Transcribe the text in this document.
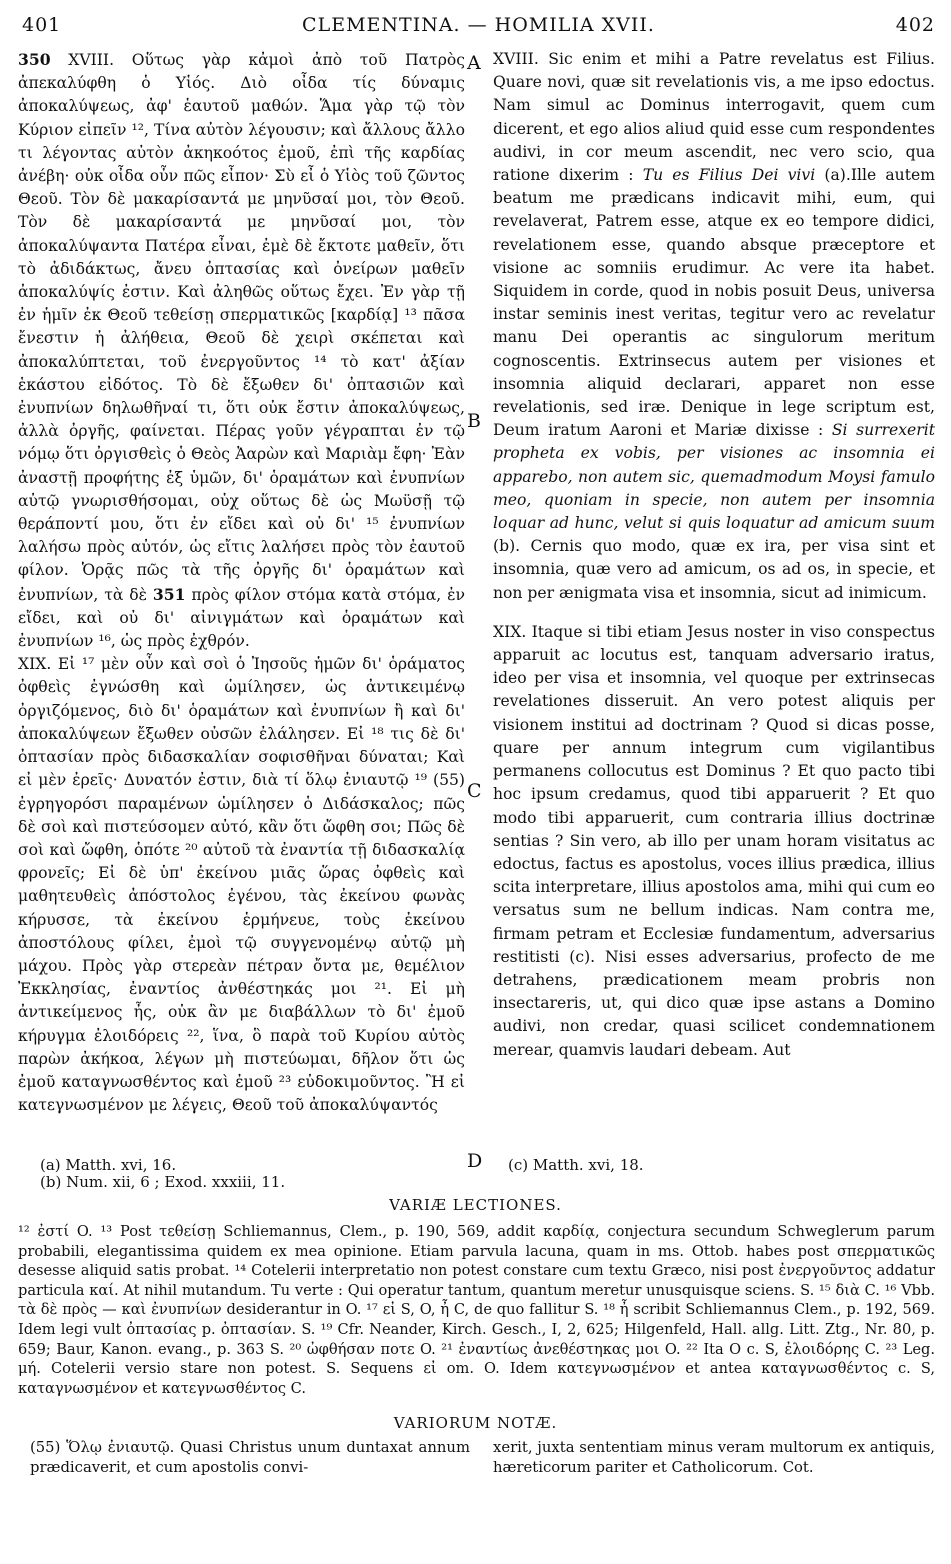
401	CLEMENTINA. — HOMILIA XVII.	402

350 XVIII. Οὕτως γὰρ κἀμοὶ ἀπὸ τοῦ Πατρὸς ἀπεκαλύφθη ὁ Υἱός. Διὸ οἶδα τίς δύναμις ἀποκαλύψεως, ἀφ' ἑαυτοῦ μαθών. Ἅμα γὰρ τῷ τὸν Κύριον εἰπεῖν ¹², Τίνα αὐτὸν λέγουσιν; καὶ ἄλλους ἄλλο τι λέγοντας αὐτὸν ἀκηκοότος ἐμοῦ, ἐπὶ τῆς καρδίας ἀνέβη· οὐκ οἶδα οὖν πῶς εἶπον· Σὺ εἶ ὁ Υἱὸς τοῦ ζῶντος Θεοῦ. Τὸν δὲ μακαρίσαντά με μηνῦσαί μοι, τὸν Θεοῦ. Τὸν δὲ μακαρίσαντά με μηνῦσαί μοι, τὸν ἀποκαλύψαντα Πατέρα εἶναι, ἐμὲ δὲ ἔκτοτε μαθεῖν, ὅτι τὸ ἀδιδάκτως, ἄνευ ὀπτασίας καὶ ὀνείρων μαθεῖν ἀποκαλύψίς ἐστιν. Καὶ ἀληθῶς οὕτως ἔχει. Ἐν γὰρ τῇ ἐν ἡμῖν ἐκ Θεοῦ τεθείσῃ σπερματικῶς [καρδίᾳ] ¹³ πᾶσα ἔνεστιν ἡ ἀλήθεια, Θεοῦ δὲ χειρὶ σκέπεται καὶ ἀποκαλύπτεται, τοῦ ἐνεργοῦντος ¹⁴ τὸ κατ' ἀξίαν ἑκάστου εἰδότος. Τὸ δὲ ἔξωθεν δι' ὀπτασιῶν καὶ ἐνυπνίων δηλωθῆναί τι, ὅτι οὐκ ἔστιν ἀποκαλύψεως, ἀλλὰ ὀργῆς, φαίνεται. Πέρας γοῦν γέγραπται ἐν τῷ νόμῳ ὅτι ὀργισθεὶς ὁ Θεὸς Ἀαρὼν καὶ Μαριὰμ ἔφη· Ἐὰν ἀναστῇ προφήτης ἐξ ὑμῶν, δι' ὁραμάτων καὶ ἐνυπνίων αὐτῷ γνωρισθήσομαι, οὐχ οὕτως δὲ ὡς Μωϋσῇ τῷ θεράποντί μου, ὅτι ἐν εἴδει καὶ οὐ δι' ¹⁵ ἐνυπνίων λαλήσω πρὸς αὐτόν, ὡς εἴτις λαλήσει πρὸς τὸν ἑαυτοῦ φίλον. Ὁρᾷς πῶς τὰ τῆς ὀργῆς δι' ὁραμάτων καὶ ἐνυπνίων, τὰ δὲ 351 πρὸς φίλον στόμα κατὰ στόμα, ἐν εἴδει, καὶ οὐ δι' αἰνιγμάτων καὶ ὁραμάτων καὶ ἐνυπνίων ¹⁶, ὡς πρὸς ἐχθρόν.

XIX. Εἰ ¹⁷ μὲν οὖν καὶ σοὶ ὁ Ἰησοῦς ἡμῶν δι' ὁράματος ὀφθεὶς ἐγνώσθη καὶ ὡμίλησεν, ὡς ἀντικειμένῳ ὀργιζόμενος, διὸ δι' ὁραμάτων καὶ ἐνυπνίων ἢ καὶ δι' ἀποκαλύψεων ἔξωθεν οὐσῶν ἐλάλησεν. Εἰ ¹⁸ τις δὲ δι' ὀπτασίαν πρὸς διδασκαλίαν σοφισθῆναι δύναται; Καὶ εἰ μὲν ἐρεῖς· Δυνατόν ἐστιν, διὰ τί ὅλῳ ἐνιαυτῷ ¹⁹ (55) ἐγρηγορόσι παραμένων ὡμίλησεν ὁ Διδάσκαλος; πῶς δὲ σοὶ καὶ πιστεύσομεν αὐτό, κἂν ὅτι ὤφθη σοι; Πῶς δὲ σοὶ καὶ ὤφθη, ὁπότε ²⁰ αὐτοῦ τὰ ἐναντία τῇ διδασκαλίᾳ φρονεῖς; Εἰ δὲ ὑπ' ἐκείνου μιᾶς ὥρας ὀφθεὶς καὶ μαθητευθεὶς ἀπόστολος ἐγένου, τὰς ἐκείνου φωνὰς κήρυσσε, τὰ ἐκείνου ἑρμήνευε, τοὺς ἐκείνου ἀποστόλους φίλει, ἐμοὶ τῷ συγγενομένῳ αὐτῷ μὴ μάχου. Πρὸς γὰρ στερεὰν πέτραν ὄντα με, θεμέλιον Ἐκκλησίας, ἐναντίος ἀνθέστηκάς μοι ²¹. Εἰ μὴ ἀντικείμενος ἦς, οὐκ ἂν με διαβάλλων τὸ δι' ἐμοῦ κήρυγμα ἐλοιδόρεις ²², ἵνα, ὃ παρὰ τοῦ Κυρίου αὐτὸς παρὼν ἀκήκοα, λέγων μὴ πιστεύωμαι, δῆλον ὅτι ὡς ἐμοῦ καταγνωσθέντος καὶ ἐμοῦ ²³ εὐδοκιμοῦντος. Ἢ εἰ κατεγνωσμένον με λέγεις, Θεοῦ τοῦ ἀποκαλύψαντός

A
B
C
D

XVIII. Sic enim et mihi a Patre revelatus est Filius. Quare novi, quæ sit revelationis vis, a me ipso edoctus. Nam simul ac Dominus interrogavit, quem cum dicerent, et ego alios aliud quid esse cum respondentes audivi, in cor meum ascendit, nec vero scio, qua ratione dixerim : Tu es Filius Dei vivi (a).Ille autem beatum me prædicans indicavit mihi, eum, qui revelaverat, Patrem esse, atque ex eo tempore didici, revelationem esse, quando absque præceptore et visione ac somniis erudimur. Ac vere ita habet. Siquidem in corde, quod in nobis posuit Deus, universa instar seminis inest veritas, tegitur vero ac revelatur manu Dei operantis ac singulorum meritum cognoscentis. Extrinsecus autem per visiones et insomnia aliquid declarari, apparet non esse revelationis, sed iræ. Denique in lege scriptum est, Deum iratum Aaroni et Mariæ dixisse : Si surrexerit propheta ex vobis, per visiones ac insomnia ei apparebo, non autem sic, quemadmodum Moysi famulo meo, quoniam in specie, non autem per insomnia loquar ad hunc, velut si quis loquatur ad amicum suum (b). Cernis quo modo, quæ ex ira, per visa sint et insomnia, quæ vero ad amicum, os ad os, in specie, et non per ænigmata visa et insomnia, sicut ad inimicum.

XIX. Itaque si tibi etiam Jesus noster in viso conspectus apparuit ac locutus est, tanquam adversario iratus, ideo per visa et insomnia, vel quoque per extrinsecas revelationes disseruit. An vero potest aliquis per visionem institui ad doctrinam ? Quod si dicas posse, quare per annum integrum cum vigilantibus permanens collocutus est Dominus ? Et quo pacto tibi hoc ipsum credamus, quod tibi apparuerit ? Et quo modo tibi apparuerit, cum contraria illius doctrinæ sentias ? Sin vero, ab illo per unam horam visitatus ac edoctus, factus es apostolus, voces illius prædica, illius scita interpretare, illius apostolos ama, mihi qui cum eo versatus sum ne bellum indicas. Nam contra me, firmam petram et Ecclesiæ fundamentum, adversarius restitisti (c). Nisi esses adversarius, profecto de me detrahens, prædicationem meam probris non insectareris, ut, qui dico quæ ipse astans a Domino audivi, non credar, quasi scilicet condemnationem merear, quamvis laudari debeam. Aut

(a) Matth. xvi, 16.
(b) Num. xii, 6 ; Exod. xxxiii, 11.
(c) Matth. xvi, 18.
VARIÆ LECTIONES.
¹² ἐστί O. ¹³ Post τεθείσῃ Schliemannus, Clem., p. 190, 569, addit καρδίᾳ, conjectura secundum Schweglerum parum probabili, elegantissima quidem ex mea opinione. Etiam parvula lacuna, quam in ms. Ottob. habes post σπερματικῶς desesse aliquid satis probat. ¹⁴ Cotelerii interpretatio non potest constare cum textu Græco, nisi post ἐνεργοῦντος addatur particula καί. At nihil mutandum. Tu verte : Qui operatur tantum, quantum meretur unusquisque sciens. S. ¹⁵ διὰ C. ¹⁶ Vbb. τὰ δὲ πρὸς — καὶ ἐνυπνίων desiderantur in O. ¹⁷ εἰ S, O, ἦ C, de quo fallitur S. ¹⁸ ἦ scribit Schliemannus Clem., p. 192, 569. Idem legi vult ὀπτασίας p. ὀπτασίαν. S. ¹⁹ Cfr. Neander, Kirch. Gesch., I, 2, 625; Hilgenfeld, Hall. allg. Litt. Ztg., Nr. 80, p. 659; Baur, Kanon. evang., p. 363 S. ²⁰ ὠφθήσαν ποτε O. ²¹ ἐναντίως ἀνεθέστηκας μοι O. ²² Ita O c. S, ἐλοιδόρης C. ²³ Leg. μή. Cotelerii versio stare non potest. S. Sequens εἰ om. O. Idem κατεγνωσμένον et antea καταγνωσθέντος c. S, καταγνωσμένον et κατεγνωσθέντος C.
VARIORUM NOTÆ.
(55) Ὅλῳ ἐνιαυτῷ. Quasi Christus unum duntaxat annum prædicaverit, et cum apostolis convi-
xerit, juxta sententiam minus veram multorum ex antiquis, hæreticorum pariter et Catholicorum. Cot.
